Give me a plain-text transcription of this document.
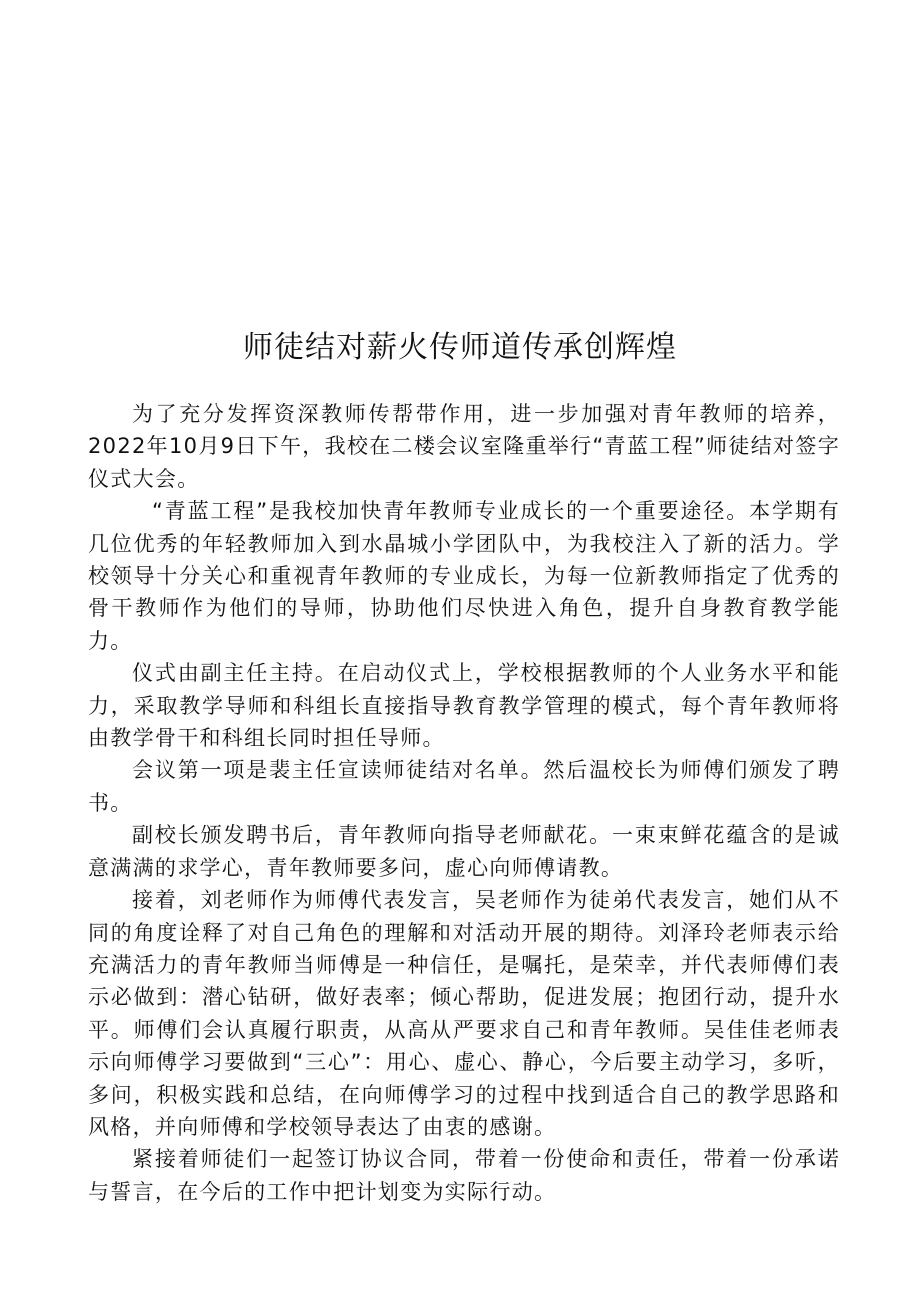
师徒结对薪火传师道传承创辉煌

为了充分发挥资深教师传帮带作用，进一步加强对青年教师的培养，2022年10月9日下午，我校在二楼会议室隆重举行“青蓝工程”师徒结对签字仪式大会。

“青蓝工程”是我校加快青年教师专业成长的一个重要途径。本学期有几位优秀的年轻教师加入到水晶城小学团队中，为我校注入了新的活力。学校领导十分关心和重视青年教师的专业成长，为每一位新教师指定了优秀的骨干教师作为他们的导师，协助他们尽快进入角色，提升自身教育教学能力。

仪式由副主任主持。在启动仪式上，学校根据教师的个人业务水平和能力，采取教学导师和科组长直接指导教育教学管理的模式，每个青年教师将由教学骨干和科组长同时担任导师。

会议第一项是裴主任宣读师徒结对名单。然后温校长为师傅们颁发了聘书。

副校长颁发聘书后，青年教师向指导老师献花。一束束鲜花蕴含的是诚意满满的求学心，青年教师要多问，虚心向师傅请教。

接着，刘老师作为师傅代表发言，吴老师作为徒弟代表发言，她们从不同的角度诠释了对自己角色的理解和对活动开展的期待。刘泽玲老师表示给充满活力的青年教师当师傅是一种信任，是嘱托，是荣幸，并代表师傅们表示必做到：潜心钻研，做好表率；倾心帮助，促进发展；抱团行动，提升水平。师傅们会认真履行职责，从高从严要求自己和青年教师。吴佳佳老师表示向师傅学习要做到“三心”：用心、虚心、静心，今后要主动学习，多听，多问，积极实践和总结，在向师傅学习的过程中找到适合自己的教学思路和风格，并向师傅和学校领导表达了由衷的感谢。

紧接着师徒们一起签订协议合同，带着一份使命和责任，带着一份承诺与誓言，在今后的工作中把计划变为实际行动。
